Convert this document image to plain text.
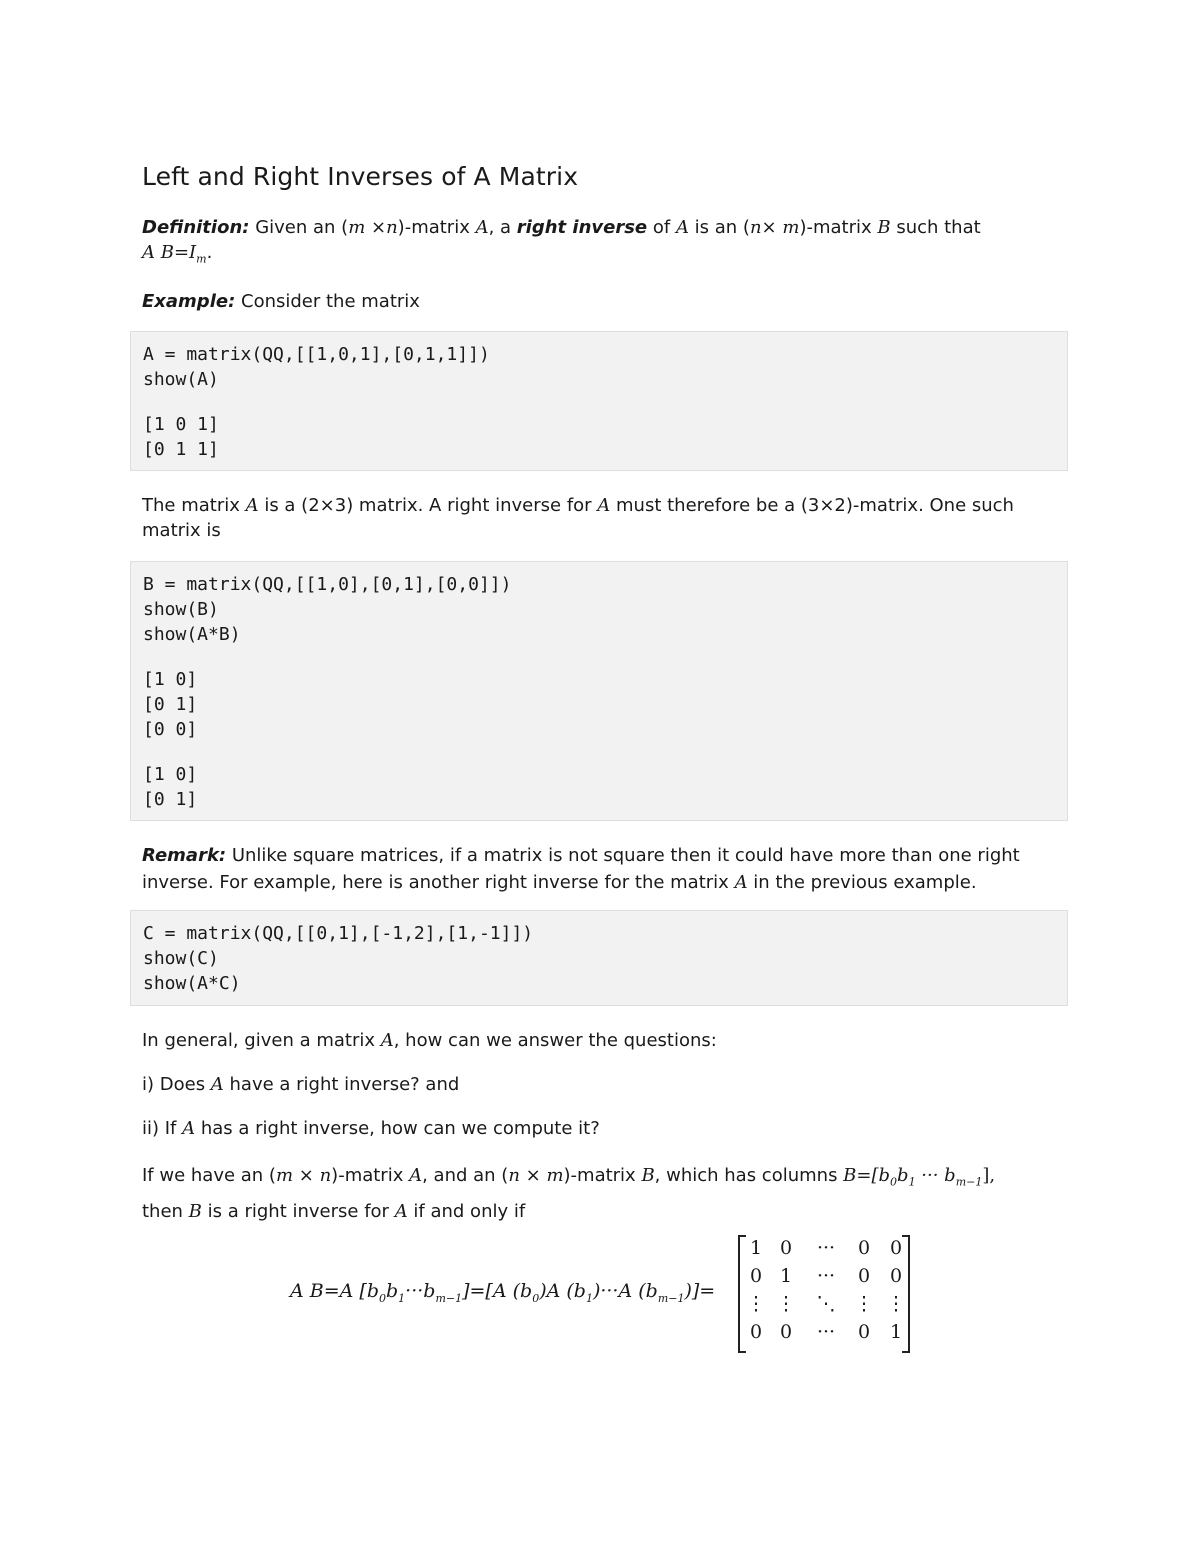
Left and Right Inverses of A Matrix

Definition: Given an (m ×n)-matrix A, a right inverse of A is an (n× m)-matrix B such that
A $B=I_m$.

Example: Consider the matrix

A = matrix(QQ,[[1,0,1],[0,1,1]])
show(A)
[1 0 1]
[0 1 1]

The matrix A is a (2×3) matrix. A right inverse for A must therefore be a (3×2)-matrix. One such
matrix is

B = matrix(QQ,[[1,0],[0,1],[0,0]])
show(B)
show(A*B)
[1 0]
[0 1]
[0 0]
[1 0]
[0 1]

Remark: Unlike square matrices, if a matrix is not square then it could have more than one right
inverse. For example, here is another right inverse for the matrix A in the previous example.

C = matrix(QQ,[[0,1],[-1,2],[1,-1]])
show(C)
show(A*C)

In general, given a matrix A, how can we answer the questions:

i) Does A have a right inverse? and

ii) If A has a right inverse, how can we compute it?

If we have an (m × n)-matrix A, and an (n × m)-matrix B, which has columns $B=[b_0b_1$ ··· $b_{m-1}$],
then B is a right inverse for A if and only if

A B=A $[b_0b_1\cdot\cdot\cdot b_{m-1}]=[A$ $(b_0)A$ $(b_1)\cdot\cdot\cdot A$ $(b_{m-1})]=$
1 0	···	0	0
0 1	···	0	0
⋮ ⋮ ⋱ ⋮ ⋮
0 0	···	0	1
